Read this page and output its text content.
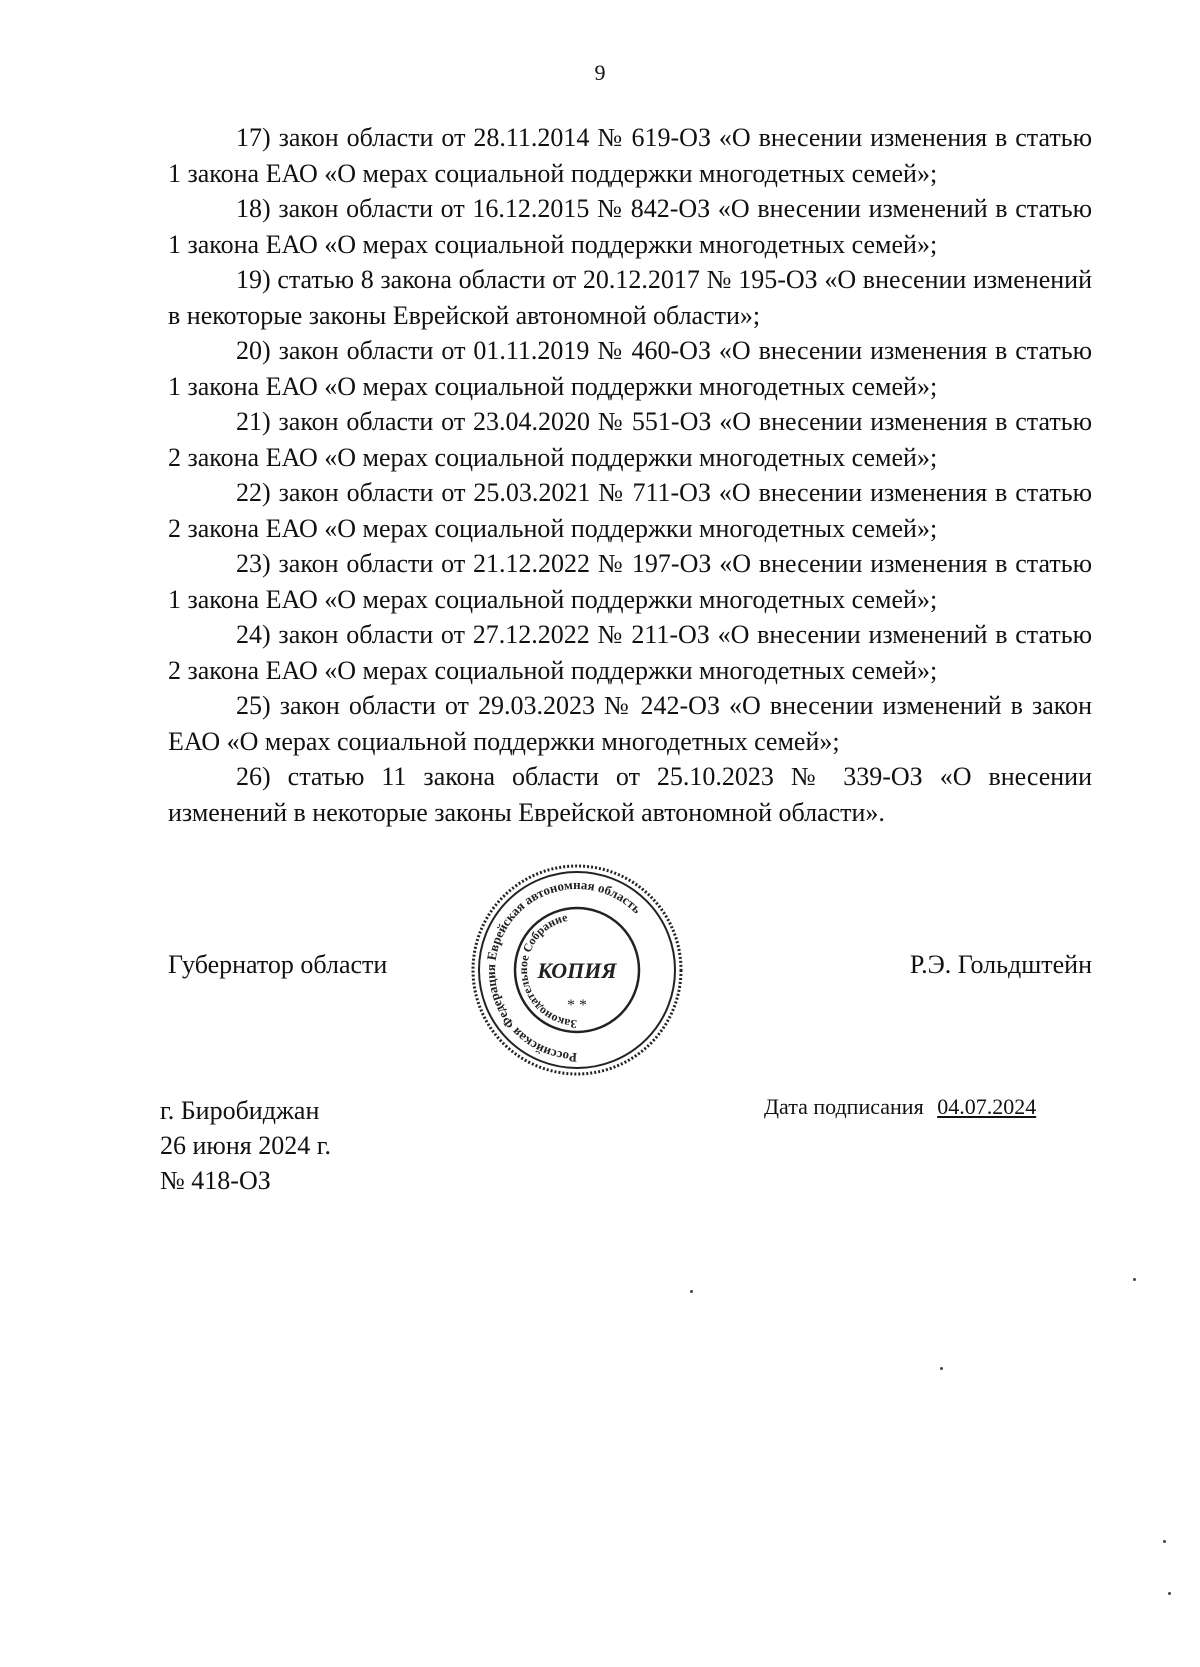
9

17) закон области от 28.11.2014 № 619-ОЗ «О внесении изменения в статью 1 закона ЕАО «О мерах социальной поддержки многодетных семей»;

18) закон области от 16.12.2015 № 842-ОЗ «О внесении изменений в статью 1 закона ЕАО «О мерах социальной поддержки многодетных семей»;

19) статью 8 закона области от 20.12.2017 № 195-ОЗ «О внесении изменений в некоторые законы Еврейской автономной области»;

20) закон области от 01.11.2019 № 460-ОЗ «О внесении изменения в статью 1 закона ЕАО «О мерах социальной поддержки многодетных семей»;

21) закон области от 23.04.2020 № 551-ОЗ «О внесении изменения в статью 2 закона ЕАО «О мерах социальной поддержки многодетных семей»;

22) закон области от 25.03.2021 № 711-ОЗ «О внесении изменения в статью 2 закона ЕАО «О мерах социальной поддержки многодетных семей»;

23) закон области от 21.12.2022 № 197-ОЗ «О внесении изменения в статью 1 закона ЕАО «О мерах социальной поддержки многодетных семей»;

24) закон области от 27.12.2022 № 211-ОЗ «О внесении изменений в статью 2 закона ЕАО «О мерах социальной поддержки многодетных семей»;

25) закон области от 29.03.2023 № 242-ОЗ «О внесении изменений в закон ЕАО «О мерах социальной поддержки многодетных семей»;

26) статью 11 закона области от 25.10.2023 № 339-ОЗ «О внесении изменений в некоторые законы Еврейской автономной области».

Губернатор области
Российская Федерация Еврейская автономная область
Законодательное Собрание
КОПИЯ
* *
Р.Э. Гольдштейн
г. Биробиджан
26 июня 2024 г.
№ 418-ОЗ
Дата подписания 04.07.2024
